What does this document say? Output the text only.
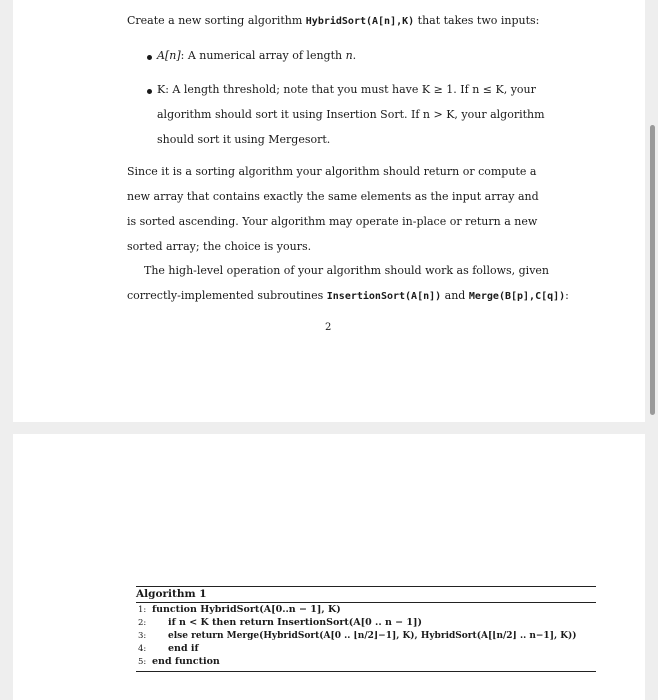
Create a new sorting algorithm HybridSort(A[n],K) that takes two inputs:
A[n]: A numerical array of length n.
K: A length threshold; note that you must have K ≥ 1. If n ≤ K, your
algorithm should sort it using Insertion Sort. If n > K, your algorithm
should sort it using Mergesort.
Since it is a sorting algorithm your algorithm should return or compute a
new array that contains exactly the same elements as the input array and
is sorted ascending. Your algorithm may operate in-place or return a new
sorted array; the choice is yours.
The high-level operation of your algorithm should work as follows, given
correctly-implemented subroutines InsertionSort(A[n]) and Merge(B[p],C[q]):
2
Algorithm 1
1: function HybridSort(A[0..n − 1], K)
2: if n < K then return InsertionSort(A[0 .. n − 1])
3: else return Merge(HybridSort(A[0 .. ⌊n/2⌋−1], K), HybridSort(A[⌊n/2⌋ .. n−1], K))
4: end if
5: end function
